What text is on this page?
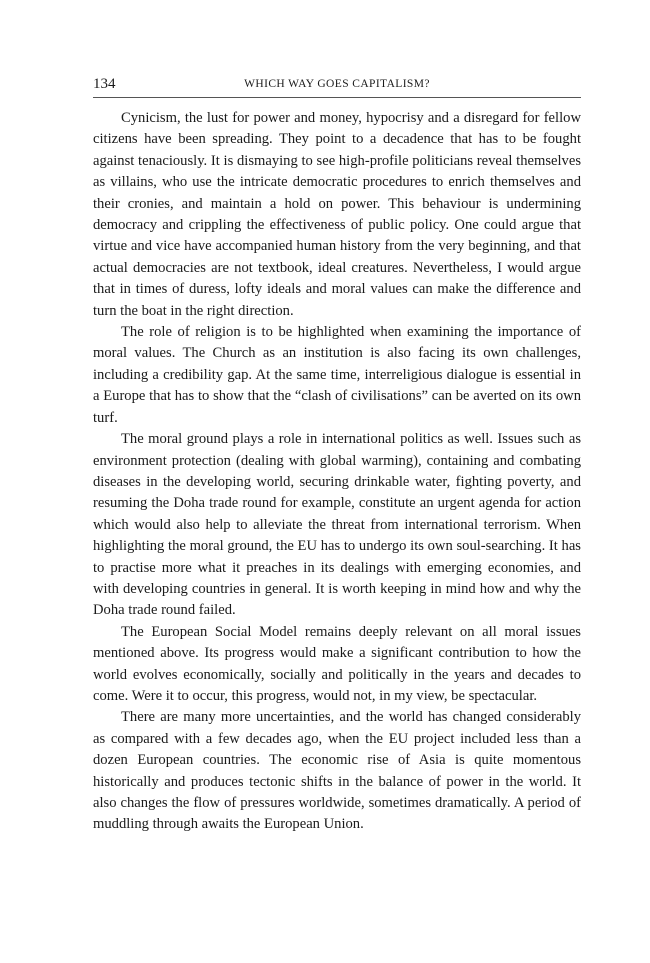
134	WHICH WAY GOES CAPITALISM?

Cynicism, the lust for power and money, hypocrisy and a disregard for fellow citizens have been spreading. They point to a decadence that has to be fought against tenaciously. It is dismaying to see high-profile politicians reveal themselves as villains, who use the intricate democratic procedures to enrich themselves and their cronies, and maintain a hold on power. This behaviour is undermining democracy and crippling the effectiveness of public policy. One could argue that virtue and vice have accompanied human history from the very beginning, and that actual democracies are not textbook, ideal creatures. Nevertheless, I would argue that in times of duress, lofty ideals and moral values can make the difference and turn the boat in the right direction.

The role of religion is to be highlighted when examining the importance of moral values. The Church as an institution is also facing its own challenges, including a credibility gap. At the same time, interreligious dialogue is essential in a Europe that has to show that the “clash of civilisations” can be averted on its own turf.

The moral ground plays a role in international politics as well. Issues such as environment protection (dealing with global warming), containing and combating diseases in the developing world, securing drinkable water, fighting poverty, and resuming the Doha trade round for example, constitute an urgent agenda for action which would also help to alleviate the threat from international terrorism. When highlighting the moral ground, the EU has to undergo its own soul-searching. It has to practise more what it preaches in its dealings with emerging economies, and with developing countries in general. It is worth keeping in mind how and why the Doha trade round failed.

The European Social Model remains deeply relevant on all moral issues mentioned above. Its progress would make a significant contribution to how the world evolves economically, socially and politically in the years and decades to come. Were it to occur, this progress, would not, in my view, be spectacular.

There are many more uncertainties, and the world has changed considerably as compared with a few decades ago, when the EU project included less than a dozen European countries. The economic rise of Asia is quite momentous historically and produces tectonic shifts in the balance of power in the world. It also changes the flow of pressures worldwide, sometimes dramatically. A period of muddling through awaits the European Union.
